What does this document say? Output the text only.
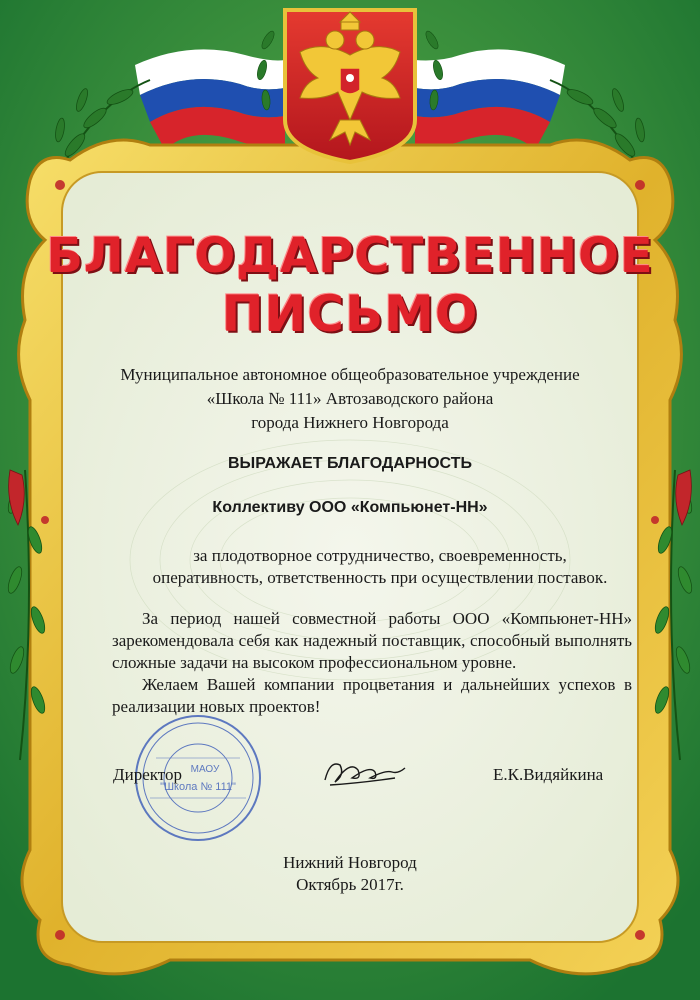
МАОУ
"Школа № 111"
БЛАГОДАРСТВЕННОЕ
ПИСЬМО
Муниципальное автономное общеобразовательное учреждение
«Школа № 111» Автозаводского района
города Нижнего Новгорода
ВЫРАЖАЕТ БЛАГОДАРНОСТЬ
Коллективу ООО «Компьюнет-НН»
за плодотворное сотрудничество, своевременность,
оперативность, ответственность при осуществлении поставок.

За период нашей совместной работы ООО «Компьюнет-НН» зарекомендовала себя как надежный поставщик, способный выполнять сложные задачи на высоком профессиональном уровне.

Желаем Вашей компании процветания и дальнейших успехов в реализации новых проектов!

Директор	Е.К.Видяйкина
Нижний Новгород
Октябрь 2017г.
